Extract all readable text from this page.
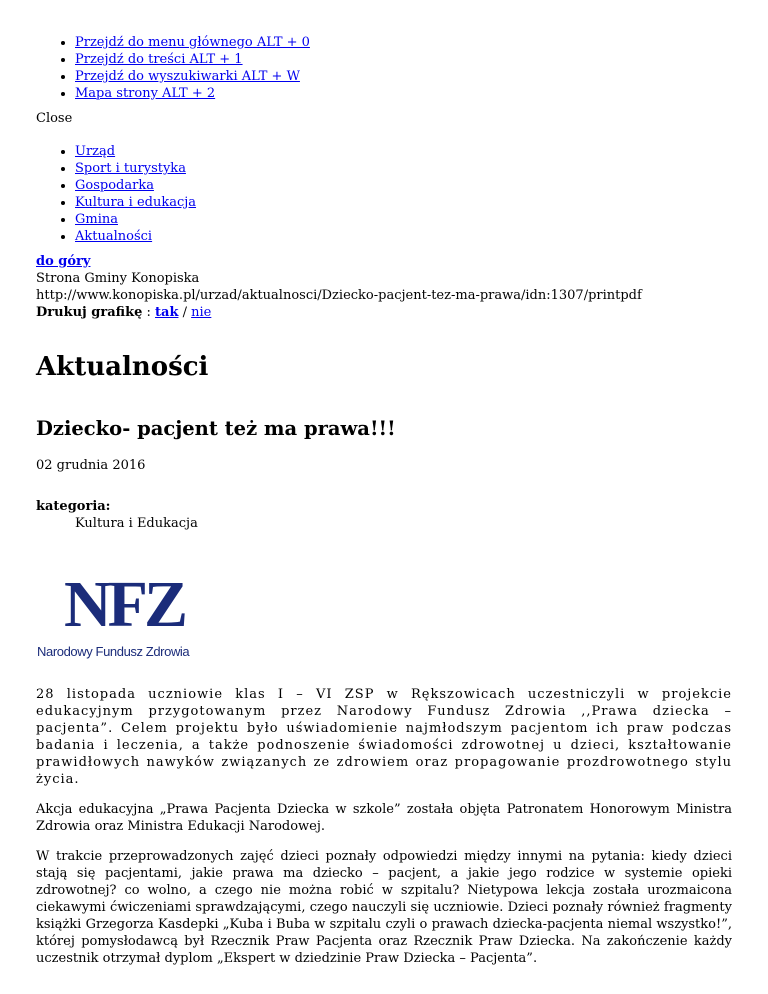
• Przejdź do menu głównego ALT + 0
• Przejdź do treści ALT + 1
• Przejdź do wyszukiwarki ALT + W
• Mapa strony ALT + 2
Close
• Urząd
• Sport i turystyka
• Gospodarka
• Kultura i edukacja
• Gmina
• Aktualności
do góry
Strona Gminy Konopiska
http://www.konopiska.pl/urzad/aktualnosci/Dziecko-pacjent-tez-ma-prawa/idn:1307/printpdf
Drukuj grafikę : tak / nie
Aktualności
Dziecko- pacjent też ma prawa!!!
02 grudnia 2016
kategoria:
Kultura i Edukacja
NFZ
Narodowy Fundusz Zdrowia
28 listopada uczniowie klas I – VI ZSP w Rększowicach uczestniczyli w projekcie edukacyjnym przygotowanym przez Narodowy Fundusz Zdrowia ,,Prawa dziecka – pacjenta”. Celem projektu było uświadomienie najmłodszym pacjentom ich praw podczas badania i leczenia, a także podnoszenie świadomości zdrowotnej u dzieci, kształtowanie prawidłowych nawyków związanych ze zdrowiem oraz propagowanie prozdrowotnego stylu życia.
Akcja edukacyjna „Prawa Pacjenta Dziecka w szkole” została objęta Patronatem Honorowym Ministra Zdrowia oraz Ministra Edukacji Narodowej.
W trakcie przeprowadzonych zajęć dzieci poznały odpowiedzi między innymi na pytania: kiedy dzieci stają się pacjentami, jakie prawa ma dziecko – pacjent, a jakie jego rodzice w systemie opieki zdrowotnej? co wolno, a czego nie można robić w szpitalu? Nietypowa lekcja została urozmaicona ciekawymi ćwiczeniami sprawdzającymi, czego nauczyli się uczniowie. Dzieci poznały również fragmenty książki Grzegorza Kasdepki „Kuba i Buba w szpitalu czyli o prawach dziecka-pacjenta niemal wszystko!”, której pomysłodawcą był Rzecznik Praw Pacjenta oraz Rzecznik Praw Dziecka. Na zakończenie każdy uczestnik otrzymał dyplom „Ekspert w dziedzinie Praw Dziecka – Pacjenta”.
